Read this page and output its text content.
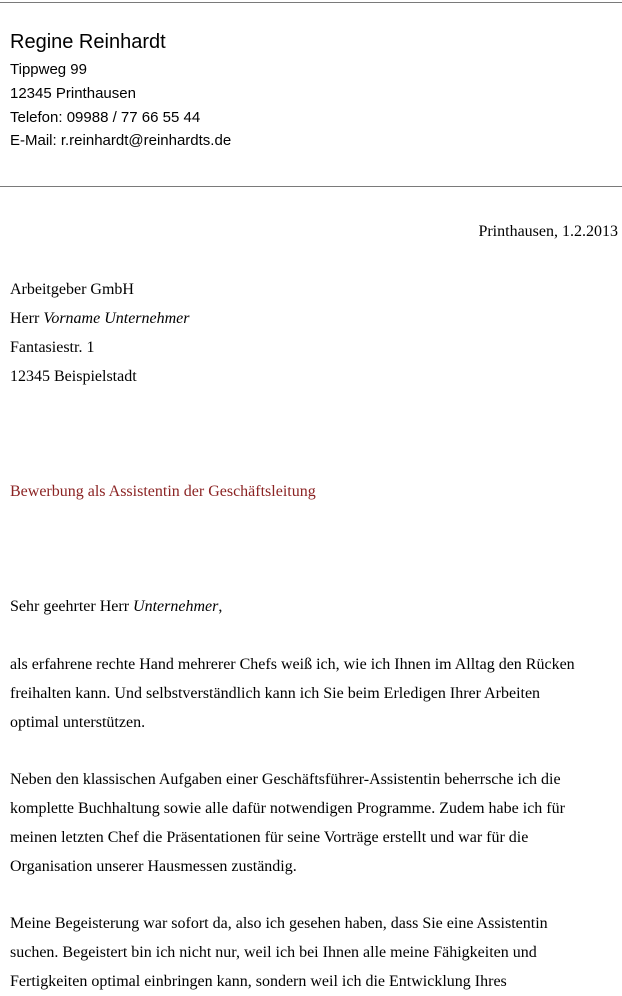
Regine Reinhardt
Tippweg 99
12345 Printhausen
Telefon: 09988 / 77 66 55 44
E-Mail: r.reinhardt@reinhardts.de
Printhausen, 1.2.2013
Arbeitgeber GmbH
Herr Vorname Unternehmer
Fantasiestr. 1
12345 Beispielstadt
Bewerbung als Assistentin der Geschäftsleitung
Sehr geehrter Herr Unternehmer,
als erfahrene rechte Hand mehrerer Chefs weiß ich, wie ich Ihnen im Alltag den Rücken
freihalten kann. Und selbstverständlich kann ich Sie beim Erledigen Ihrer Arbeiten
optimal unterstützen.
Neben den klassischen Aufgaben einer Geschäftsführer-Assistentin beherrsche ich die
komplette Buchhaltung sowie alle dafür notwendigen Programme. Zudem habe ich für
meinen letzten Chef die Präsentationen für seine Vorträge erstellt und war für die
Organisation unserer Hausmessen zuständig.
Meine Begeisterung war sofort da, also ich gesehen haben, dass Sie eine Assistentin
suchen. Begeistert bin ich nicht nur, weil ich bei Ihnen alle meine Fähigkeiten und
Fertigkeiten optimal einbringen kann, sondern weil ich die Entwicklung Ihres
